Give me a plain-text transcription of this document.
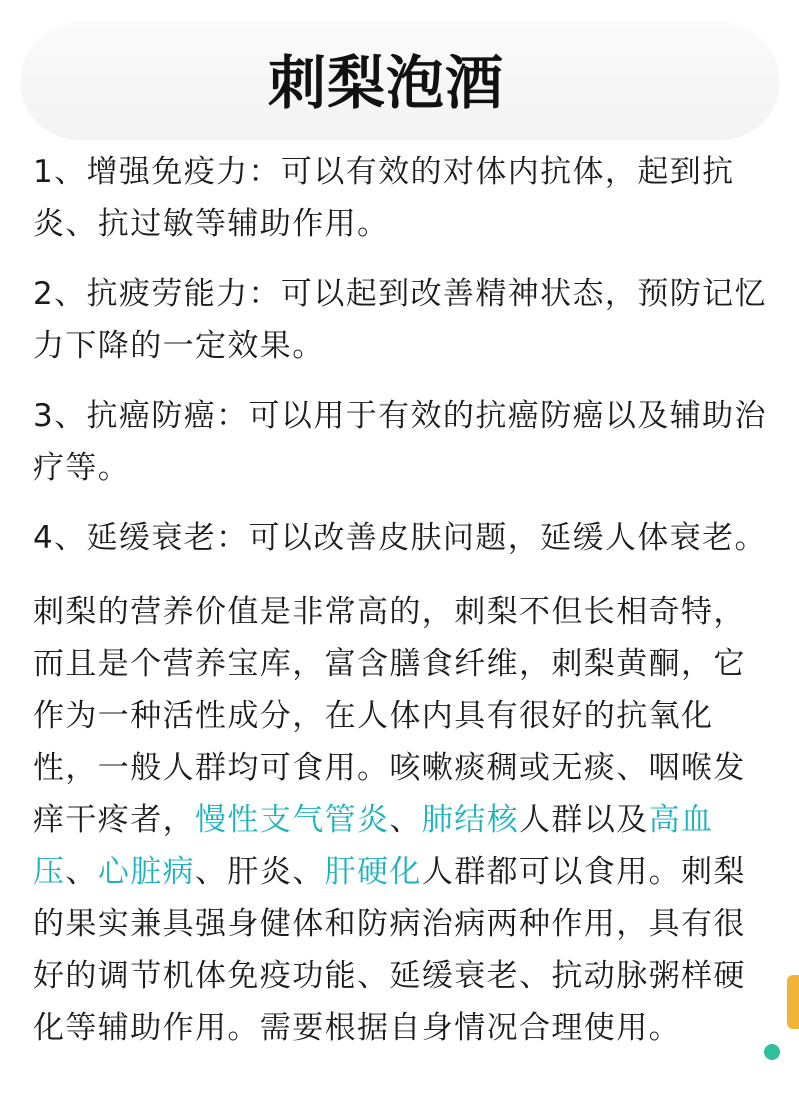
刺梨泡酒

1、增强免疫力：可以有效的对体内抗体，起到抗炎、抗过敏等辅助作用。

2、抗疲劳能力：可以起到改善精神状态，预防记忆力下降的一定效果。

3、抗癌防癌：可以用于有效的抗癌防癌以及辅助治疗等。

4、延缓衰老：可以改善皮肤问题，延缓人体衰老。

刺梨的营养价值是非常高的，刺梨不但长相奇特，而且是个营养宝库，富含膳食纤维，刺梨黄酮，它作为一种活性成分，在人体内具有很好的抗氧化性，一般人群均可食用。咳嗽痰稠或无痰、咽喉发痒干疼者，慢性支气管炎、肺结核人群以及高血压、心脏病、肝炎、肝硬化人群都可以食用。刺梨的果实兼具强身健体和防病治病两种作用，具有很好的调节机体免疫功能、延缓衰老、抗动脉粥样硬化等辅助作用。需要根据自身情况合理使用。
